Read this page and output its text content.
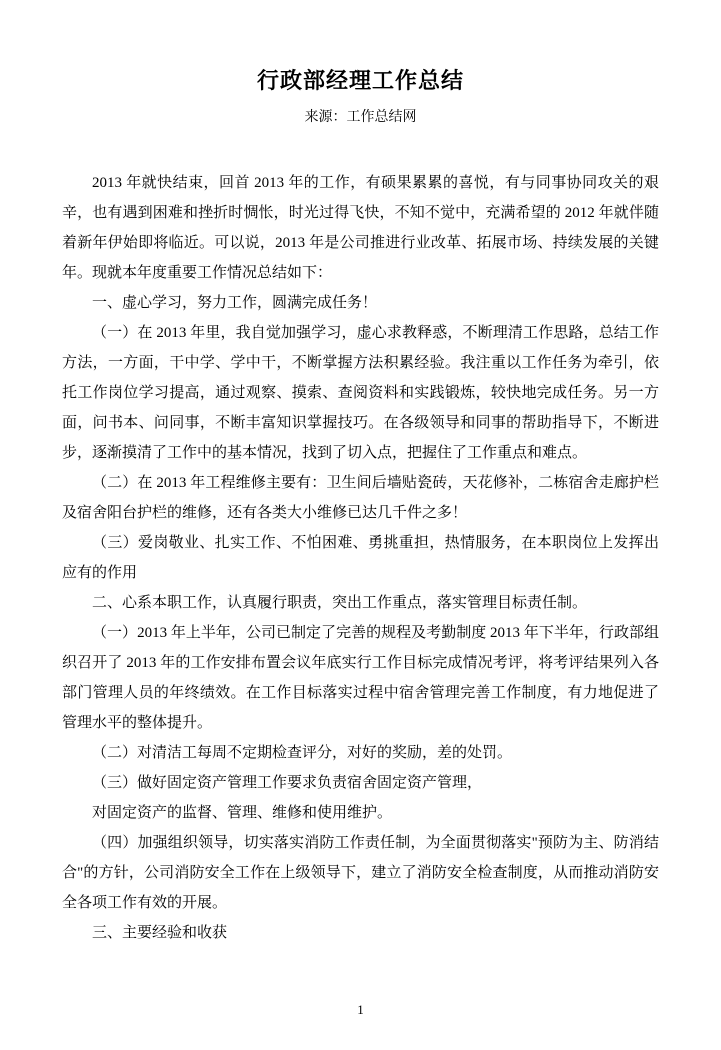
行政部经理工作总结
来源：工作总结网

2013 年就快结束，回首 2013 年的工作，有硕果累累的喜悦，有与同事协同攻关的艰辛，也有遇到困难和挫折时惆怅，时光过得飞快，不知不觉中，充满希望的 2012 年就伴随着新年伊始即将临近。可以说，2013 年是公司推进行业改革、拓展市场、持续发展的关键年。现就本年度重要工作情况总结如下：

一、虚心学习，努力工作，圆满完成任务！

（一）在 2013 年里，我自觉加强学习，虚心求教释惑，不断理清工作思路，总结工作方法，一方面，干中学、学中干，不断掌握方法积累经验。我注重以工作任务为牵引，依托工作岗位学习提高，通过观察、摸索、查阅资料和实践锻炼，较快地完成任务。另一方面，问书本、问同事，不断丰富知识掌握技巧。在各级领导和同事的帮助指导下，不断进步，逐渐摸清了工作中的基本情况，找到了切入点，把握住了工作重点和难点。

（二）在 2013 年工程维修主要有：卫生间后墙贴瓷砖，天花修补，二栋宿舍走廊护栏及宿舍阳台护栏的维修，还有各类大小维修已达几千件之多！

（三）爱岗敬业、扎实工作、不怕困难、勇挑重担，热情服务，在本职岗位上发挥出应有的作用

二、心系本职工作，认真履行职责，突出工作重点，落实管理目标责任制。

（一）2013 年上半年，公司已制定了完善的规程及考勤制度 2013 年下半年，行政部组织召开了 2013 年的工作安排布置会议年底实行工作目标完成情况考评，将考评结果列入各部门管理人员的年终绩效。在工作目标落实过程中宿舍管理完善工作制度，有力地促进了管理水平的整体提升。

（二）对清洁工每周不定期检查评分，对好的奖励，差的处罚。

（三）做好固定资产管理工作要求负责宿舍固定资产管理，

对固定资产的监督、管理、维修和使用维护。

（四）加强组织领导，切实落实消防工作责任制，为全面贯彻落实"预防为主、防消结合"的方针，公司消防安全工作在上级领导下，建立了消防安全检查制度，从而推动消防安全各项工作有效的开展。

三、主要经验和收获

1
